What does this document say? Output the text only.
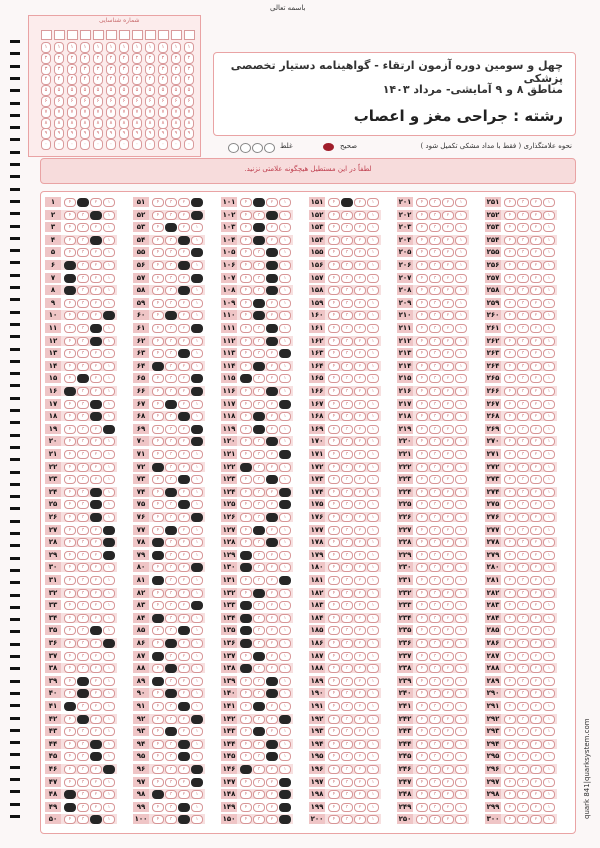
باسمه تعالی
شماره شناسایی
۱
۲
۳
۴
۵
۶
۷
۸
۹
۰
۱
۲
۳
۴
۵
۶
۷
۸
۹
۰
۱
۲
۳
۴
۵
۶
۷
۸
۹
۰
۱
۲
۳
۴
۵
۶
۷
۸
۹
۰
۱
۲
۳
۴
۵
۶
۷
۸
۹
۰
۱
۲
۳
۴
۵
۶
۷
۸
۹
۰
۱
۲
۳
۴
۵
۶
۷
۸
۹
۰
۱
۲
۳
۴
۵
۶
۷
۸
۹
۰
۱
۲
۳
۴
۵
۶
۷
۸
۹
۰
۱
۲
۳
۴
۵
۶
۷
۸
۹
۰
۱
۲
۳
۴
۵
۶
۷
۸
۹
۰
۱
۲
۳
۴
۵
۶
۷
۸
۹
۰
چهل و سومین دوره آزمون ارتقاء - گواهینامه دستیار تخصصی پزشکی
مناطق ۸ و ۹ آمایشی- مرداد ۱۴۰۳
رشته : جراحی مغز و اعصاب
نحوه علامتگذاری ( فقط با مداد مشکی تکمیل شود )
صحیح
غلط
لطفاً در این مستطیل هیچگونه علامتی نزنید.
۱	۱
۲
۳
۴
۲	۱
۲
۳
۴
۳	۱
۲
۳
۴
۴	۱
۲
۳
۴
۵	۱
۲
۳
۴
۶	۱
۲
۳
۴
۷	۱
۲
۳
۴
۸	۱
۲
۳
۴
۹	۱
۲
۳
۴
۱۰	۱
۲
۳
۴
۱۱	۱
۲
۳
۴
۱۲	۱
۲
۳
۴
۱۳	۱
۲
۳
۴
۱۴	۱
۲
۳
۴
۱۵	۱
۲
۳
۴
۱۶	۱
۲
۳
۴
۱۷	۱
۲
۳
۴
۱۸	۱
۲
۳
۴
۱۹	۱
۲
۳
۴
۲۰	۱
۲
۳
۴
۲۱	۱
۲
۳
۴
۲۲	۱
۲
۳
۴
۲۳	۱
۲
۳
۴
۲۴	۱
۲
۳
۴
۲۵	۱
۲
۳
۴
۲۶	۱
۲
۳
۴
۲۷	۱
۲
۳
۴
۲۸	۱
۲
۳
۴
۲۹	۱
۲
۳
۴
۳۰	۱
۲
۳
۴
۳۱	۱
۲
۳
۴
۳۲	۱
۲
۳
۴
۳۳	۱
۲
۳
۴
۳۴	۱
۲
۳
۴
۳۵	۱
۲
۳
۴
۳۶	۱
۲
۳
۴
۳۷	۱
۲
۳
۴
۳۸	۱
۲
۳
۴
۳۹	۱
۲
۳
۴
۴۰	۱
۲
۳
۴
۴۱	۱
۲
۳
۴
۴۲	۱
۲
۳
۴
۴۳	۱
۲
۳
۴
۴۴	۱
۲
۳
۴
۴۵	۱
۲
۳
۴
۴۶	۱
۲
۳
۴
۴۷	۱
۲
۳
۴
۴۸	۱
۲
۳
۴
۴۹	۱
۲
۳
۴
۵۰	۱
۲
۳
۴
۵۱	۱
۲
۳
۴
۵۲	۱
۲
۳
۴
۵۳	۱
۲
۳
۴
۵۴	۱
۲
۳
۴
۵۵	۱
۲
۳
۴
۵۶	۱
۲
۳
۴
۵۷	۱
۲
۳
۴
۵۸	۱
۲
۳
۴
۵۹	۱
۲
۳
۴
۶۰	۱
۲
۳
۴
۶۱	۱
۲
۳
۴
۶۲	۱
۲
۳
۴
۶۳	۱
۲
۳
۴
۶۴	۱
۲
۳
۴
۶۵	۱
۲
۳
۴
۶۶	۱
۲
۳
۴
۶۷	۱
۲
۳
۴
۶۸	۱
۲
۳
۴
۶۹	۱
۲
۳
۴
۷۰	۱
۲
۳
۴
۷۱	۱
۲
۳
۴
۷۲	۱
۲
۳
۴
۷۳	۱
۲
۳
۴
۷۴	۱
۲
۳
۴
۷۵	۱
۲
۳
۴
۷۶	۱
۲
۳
۴
۷۷	۱
۲
۳
۴
۷۸	۱
۲
۳
۴
۷۹	۱
۲
۳
۴
۸۰	۱
۲
۳
۴
۸۱	۱
۲
۳
۴
۸۲	۱
۲
۳
۴
۸۳	۱
۲
۳
۴
۸۴	۱
۲
۳
۴
۸۵	۱
۲
۳
۴
۸۶	۱
۲
۳
۴
۸۷	۱
۲
۳
۴
۸۸	۱
۲
۳
۴
۸۹	۱
۲
۳
۴
۹۰	۱
۲
۳
۴
۹۱	۱
۲
۳
۴
۹۲	۱
۲
۳
۴
۹۳	۱
۲
۳
۴
۹۴	۱
۲
۳
۴
۹۵	۱
۲
۳
۴
۹۶	۱
۲
۳
۴
۹۷	۱
۲
۳
۴
۹۸	۱
۲
۳
۴
۹۹	۱
۲
۳
۴
۱۰۰	۱
۲
۳
۴
۱۰۱	۱
۲
۳
۴
۱۰۲	۱
۲
۳
۴
۱۰۳	۱
۲
۳
۴
۱۰۴	۱
۲
۳
۴
۱۰۵	۱
۲
۳
۴
۱۰۶	۱
۲
۳
۴
۱۰۷	۱
۲
۳
۴
۱۰۸	۱
۲
۳
۴
۱۰۹	۱
۲
۳
۴
۱۱۰	۱
۲
۳
۴
۱۱۱	۱
۲
۳
۴
۱۱۲	۱
۲
۳
۴
۱۱۳	۱
۲
۳
۴
۱۱۴	۱
۲
۳
۴
۱۱۵	۱
۲
۳
۴
۱۱۶	۱
۲
۳
۴
۱۱۷	۱
۲
۳
۴
۱۱۸	۱
۲
۳
۴
۱۱۹	۱
۲
۳
۴
۱۲۰	۱
۲
۳
۴
۱۲۱	۱
۲
۳
۴
۱۲۲	۱
۲
۳
۴
۱۲۳	۱
۲
۳
۴
۱۲۴	۱
۲
۳
۴
۱۲۵	۱
۲
۳
۴
۱۲۶	۱
۲
۳
۴
۱۲۷	۱
۲
۳
۴
۱۲۸	۱
۲
۳
۴
۱۲۹	۱
۲
۳
۴
۱۳۰	۱
۲
۳
۴
۱۳۱	۱
۲
۳
۴
۱۳۲	۱
۲
۳
۴
۱۳۳	۱
۲
۳
۴
۱۳۴	۱
۲
۳
۴
۱۳۵	۱
۲
۳
۴
۱۳۶	۱
۲
۳
۴
۱۳۷	۱
۲
۳
۴
۱۳۸	۱
۲
۳
۴
۱۳۹	۱
۲
۳
۴
۱۴۰	۱
۲
۳
۴
۱۴۱	۱
۲
۳
۴
۱۴۲	۱
۲
۳
۴
۱۴۳	۱
۲
۳
۴
۱۴۴	۱
۲
۳
۴
۱۴۵	۱
۲
۳
۴
۱۴۶	۱
۲
۳
۴
۱۴۷	۱
۲
۳
۴
۱۴۸	۱
۲
۳
۴
۱۴۹	۱
۲
۳
۴
۱۵۰	۱
۲
۳
۴
۱۵۱	۱
۲
۳
۴
۱۵۲	۱
۲
۳
۴
۱۵۳	۱
۲
۳
۴
۱۵۴	۱
۲
۳
۴
۱۵۵	۱
۲
۳
۴
۱۵۶	۱
۲
۳
۴
۱۵۷	۱
۲
۳
۴
۱۵۸	۱
۲
۳
۴
۱۵۹	۱
۲
۳
۴
۱۶۰	۱
۲
۳
۴
۱۶۱	۱
۲
۳
۴
۱۶۲	۱
۲
۳
۴
۱۶۳	۱
۲
۳
۴
۱۶۴	۱
۲
۳
۴
۱۶۵	۱
۲
۳
۴
۱۶۶	۱
۲
۳
۴
۱۶۷	۱
۲
۳
۴
۱۶۸	۱
۲
۳
۴
۱۶۹	۱
۲
۳
۴
۱۷۰	۱
۲
۳
۴
۱۷۱	۱
۲
۳
۴
۱۷۲	۱
۲
۳
۴
۱۷۳	۱
۲
۳
۴
۱۷۴	۱
۲
۳
۴
۱۷۵	۱
۲
۳
۴
۱۷۶	۱
۲
۳
۴
۱۷۷	۱
۲
۳
۴
۱۷۸	۱
۲
۳
۴
۱۷۹	۱
۲
۳
۴
۱۸۰	۱
۲
۳
۴
۱۸۱	۱
۲
۳
۴
۱۸۲	۱
۲
۳
۴
۱۸۳	۱
۲
۳
۴
۱۸۴	۱
۲
۳
۴
۱۸۵	۱
۲
۳
۴
۱۸۶	۱
۲
۳
۴
۱۸۷	۱
۲
۳
۴
۱۸۸	۱
۲
۳
۴
۱۸۹	۱
۲
۳
۴
۱۹۰	۱
۲
۳
۴
۱۹۱	۱
۲
۳
۴
۱۹۲	۱
۲
۳
۴
۱۹۳	۱
۲
۳
۴
۱۹۴	۱
۲
۳
۴
۱۹۵	۱
۲
۳
۴
۱۹۶	۱
۲
۳
۴
۱۹۷	۱
۲
۳
۴
۱۹۸	۱
۲
۳
۴
۱۹۹	۱
۲
۳
۴
۲۰۰	۱
۲
۳
۴
۲۰۱	۱
۲
۳
۴
۲۰۲	۱
۲
۳
۴
۲۰۳	۱
۲
۳
۴
۲۰۴	۱
۲
۳
۴
۲۰۵	۱
۲
۳
۴
۲۰۶	۱
۲
۳
۴
۲۰۷	۱
۲
۳
۴
۲۰۸	۱
۲
۳
۴
۲۰۹	۱
۲
۳
۴
۲۱۰	۱
۲
۳
۴
۲۱۱	۱
۲
۳
۴
۲۱۲	۱
۲
۳
۴
۲۱۳	۱
۲
۳
۴
۲۱۴	۱
۲
۳
۴
۲۱۵	۱
۲
۳
۴
۲۱۶	۱
۲
۳
۴
۲۱۷	۱
۲
۳
۴
۲۱۸	۱
۲
۳
۴
۲۱۹	۱
۲
۳
۴
۲۲۰	۱
۲
۳
۴
۲۲۱	۱
۲
۳
۴
۲۲۲	۱
۲
۳
۴
۲۲۳	۱
۲
۳
۴
۲۲۴	۱
۲
۳
۴
۲۲۵	۱
۲
۳
۴
۲۲۶	۱
۲
۳
۴
۲۲۷	۱
۲
۳
۴
۲۲۸	۱
۲
۳
۴
۲۲۹	۱
۲
۳
۴
۲۳۰	۱
۲
۳
۴
۲۳۱	۱
۲
۳
۴
۲۳۲	۱
۲
۳
۴
۲۳۳	۱
۲
۳
۴
۲۳۴	۱
۲
۳
۴
۲۳۵	۱
۲
۳
۴
۲۳۶	۱
۲
۳
۴
۲۳۷	۱
۲
۳
۴
۲۳۸	۱
۲
۳
۴
۲۳۹	۱
۲
۳
۴
۲۴۰	۱
۲
۳
۴
۲۴۱	۱
۲
۳
۴
۲۴۲	۱
۲
۳
۴
۲۴۳	۱
۲
۳
۴
۲۴۴	۱
۲
۳
۴
۲۴۵	۱
۲
۳
۴
۲۴۶	۱
۲
۳
۴
۲۴۷	۱
۲
۳
۴
۲۴۸	۱
۲
۳
۴
۲۴۹	۱
۲
۳
۴
۲۵۰	۱
۲
۳
۴
۲۵۱	۱
۲
۳
۴
۲۵۲	۱
۲
۳
۴
۲۵۳	۱
۲
۳
۴
۲۵۴	۱
۲
۳
۴
۲۵۵	۱
۲
۳
۴
۲۵۶	۱
۲
۳
۴
۲۵۷	۱
۲
۳
۴
۲۵۸	۱
۲
۳
۴
۲۵۹	۱
۲
۳
۴
۲۶۰	۱
۲
۳
۴
۲۶۱	۱
۲
۳
۴
۲۶۲	۱
۲
۳
۴
۲۶۳	۱
۲
۳
۴
۲۶۴	۱
۲
۳
۴
۲۶۵	۱
۲
۳
۴
۲۶۶	۱
۲
۳
۴
۲۶۷	۱
۲
۳
۴
۲۶۸	۱
۲
۳
۴
۲۶۹	۱
۲
۳
۴
۲۷۰	۱
۲
۳
۴
۲۷۱	۱
۲
۳
۴
۲۷۲	۱
۲
۳
۴
۲۷۳	۱
۲
۳
۴
۲۷۴	۱
۲
۳
۴
۲۷۵	۱
۲
۳
۴
۲۷۶	۱
۲
۳
۴
۲۷۷	۱
۲
۳
۴
۲۷۸	۱
۲
۳
۴
۲۷۹	۱
۲
۳
۴
۲۸۰	۱
۲
۳
۴
۲۸۱	۱
۲
۳
۴
۲۸۲	۱
۲
۳
۴
۲۸۳	۱
۲
۳
۴
۲۸۴	۱
۲
۳
۴
۲۸۵	۱
۲
۳
۴
۲۸۶	۱
۲
۳
۴
۲۸۷	۱
۲
۳
۴
۲۸۸	۱
۲
۳
۴
۲۸۹	۱
۲
۳
۴
۲۹۰	۱
۲
۳
۴
۲۹۱	۱
۲
۳
۴
۲۹۲	۱
۲
۳
۴
۲۹۳	۱
۲
۳
۴
۲۹۴	۱
۲
۳
۴
۲۹۵	۱
۲
۳
۴
۲۹۶	۱
۲
۳
۴
۲۹۷	۱
۲
۳
۴
۲۹۸	۱
۲
۳
۴
۲۹۹	۱
۲
۳
۴
۳۰۰	۱
۲
۳
۴
quark 841|quarksystem.com
